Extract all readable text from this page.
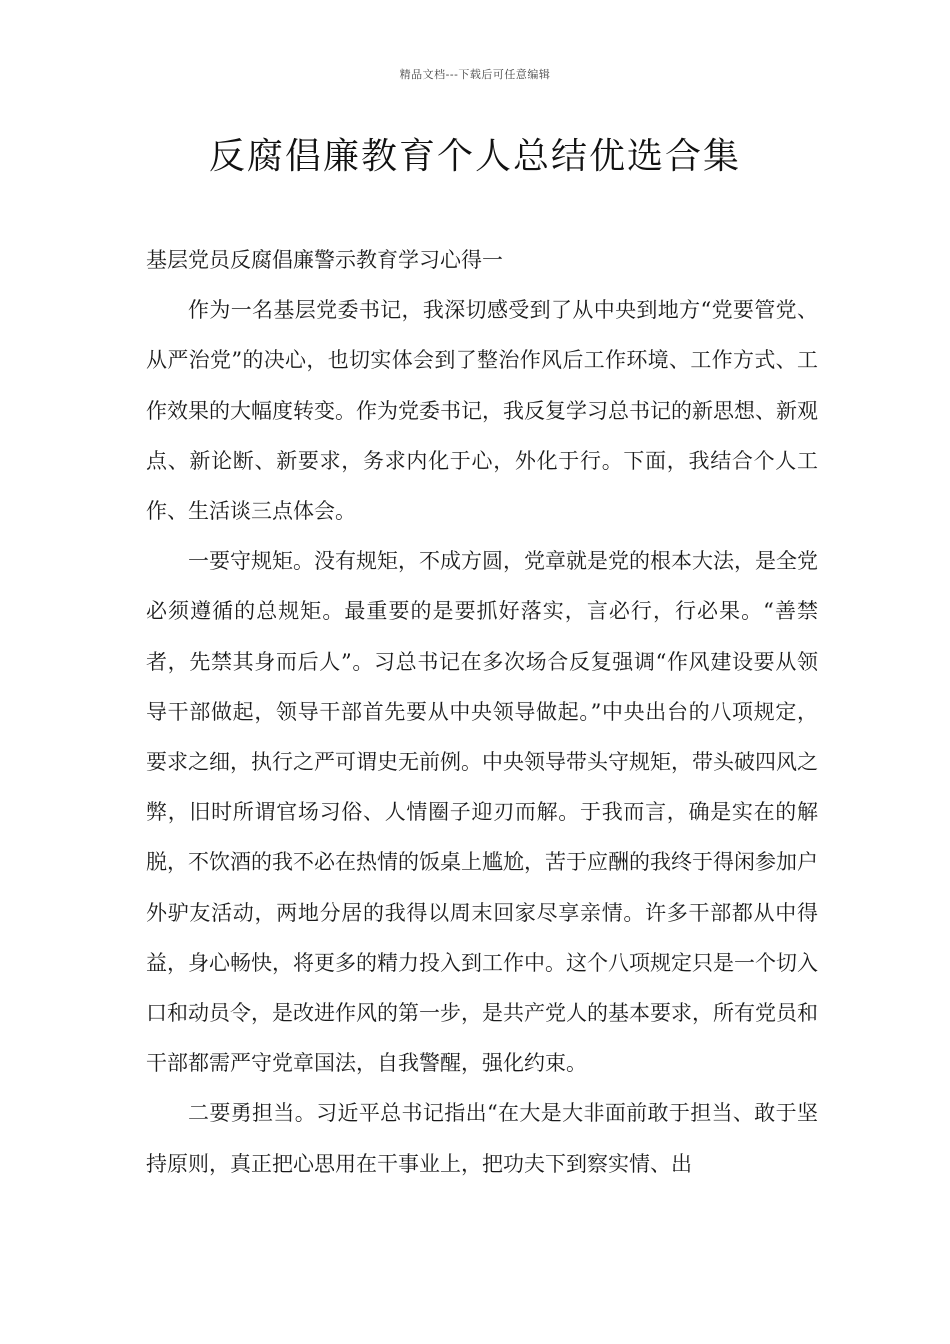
精品文档---下载后可任意编辑
反腐倡廉教育个人总结优选合集

基层党员反腐倡廉警示教育学习心得一

作为一名基层党委书记，我深切感受到了从中央到地方“党要管党、从严治党”的决心，也切实体会到了整治作风后工作环境、工作方式、工作效果的大幅度转变。作为党委书记，我反复学习总书记的新思想、新观点、新论断、新要求，务求内化于心，外化于行。下面，我结合个人工作、生活谈三点体会。

一要守规矩。没有规矩，不成方圆，党章就是党的根本大法，是全党必须遵循的总规矩。最重要的是要抓好落实，言必行，行必果。“善禁者，先禁其身而后人”。习总书记在多次场合反复强调“作风建设要从领导干部做起，领导干部首先要从中央领导做起。”中央出台的八项规定，要求之细，执行之严可谓史无前例。中央领导带头守规矩，带头破四风之弊，旧时所谓官场习俗、人情圈子迎刃而解。于我而言，确是实在的解脱，不饮酒的我不必在热情的饭桌上尴尬，苦于应酬的我终于得闲参加户外驴友活动，两地分居的我得以周末回家尽享亲情。许多干部都从中得益，身心畅快，将更多的精力投入到工作中。这个八项规定只是一个切入口和动员令，是改进作风的第一步，是共产党人的基本要求，所有党员和干部都需严守党章国法，自我警醒，强化约束。

二要勇担当。习近平总书记指出“在大是大非面前敢于担当、敢于坚持原则，真正把心思用在干事业上，把功夫下到察实情、出
